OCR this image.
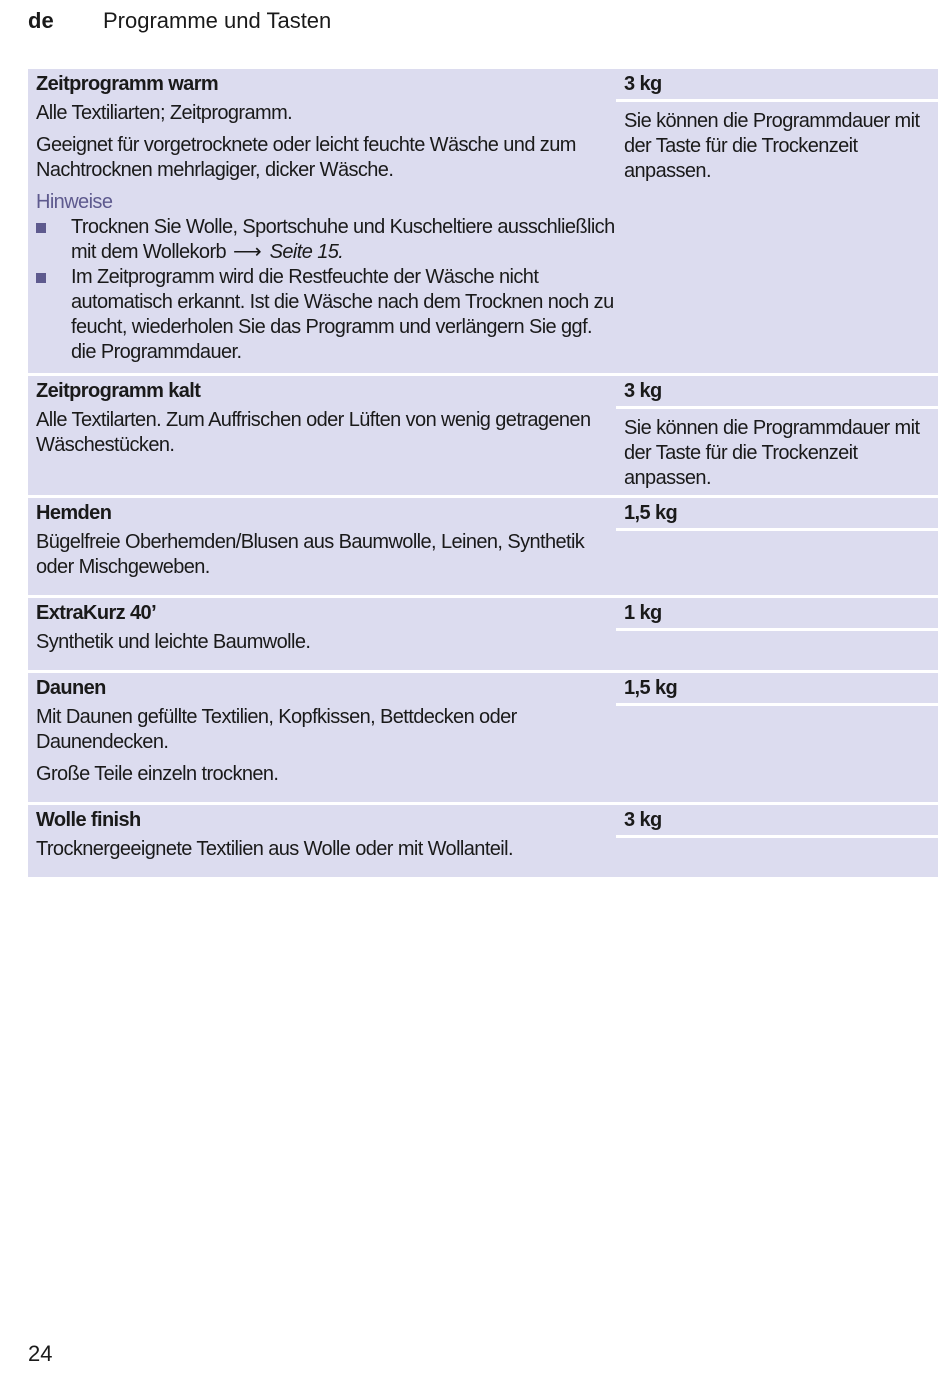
de Programme und Tasten
Zeitprogramm warm
Alle Textiliarten; Zeitprogramm.
Geeignet für vorgetrocknete oder leicht feuchte Wäsche und zum Nachtrocknen mehrlagiger, dicker Wäsche.
Hinweise
Trocknen Sie Wolle, Sportschuhe und Kuscheltiere ausschließlich mit dem Wollekorb ⟶ Seite 15.
Im Zeitprogramm wird die Restfeuchte der Wäsche nicht automatisch erkannt. Ist die Wäsche nach dem Trocknen noch zu feucht, wiederholen Sie das Programm und verlängern Sie ggf. die Programmdauer.
3 kg
Sie können die Programmdauer mit der Taste für die Trockenzeit anpassen.
Zeitprogramm kalt
Alle Textilarten. Zum Auffrischen oder Lüften von wenig getragenen Wäschestücken.
3 kg
Sie können die Programmdauer mit der Taste für die Trockenzeit anpassen.
Hemden
Bügelfreie Oberhemden/Blusen aus Baumwolle, Leinen, Synthetik oder Mischgeweben.
1,5 kg
ExtraKurz 40’
Synthetik und leichte Baumwolle.
1 kg
Daunen
Mit Daunen gefüllte Textilien, Kopfkissen, Bettdecken oder Daunendecken.
Große Teile einzeln trocknen.
1,5 kg
Wolle finish
Trocknergeeignete Textilien aus Wolle oder mit Wollanteil.
3 kg
24
